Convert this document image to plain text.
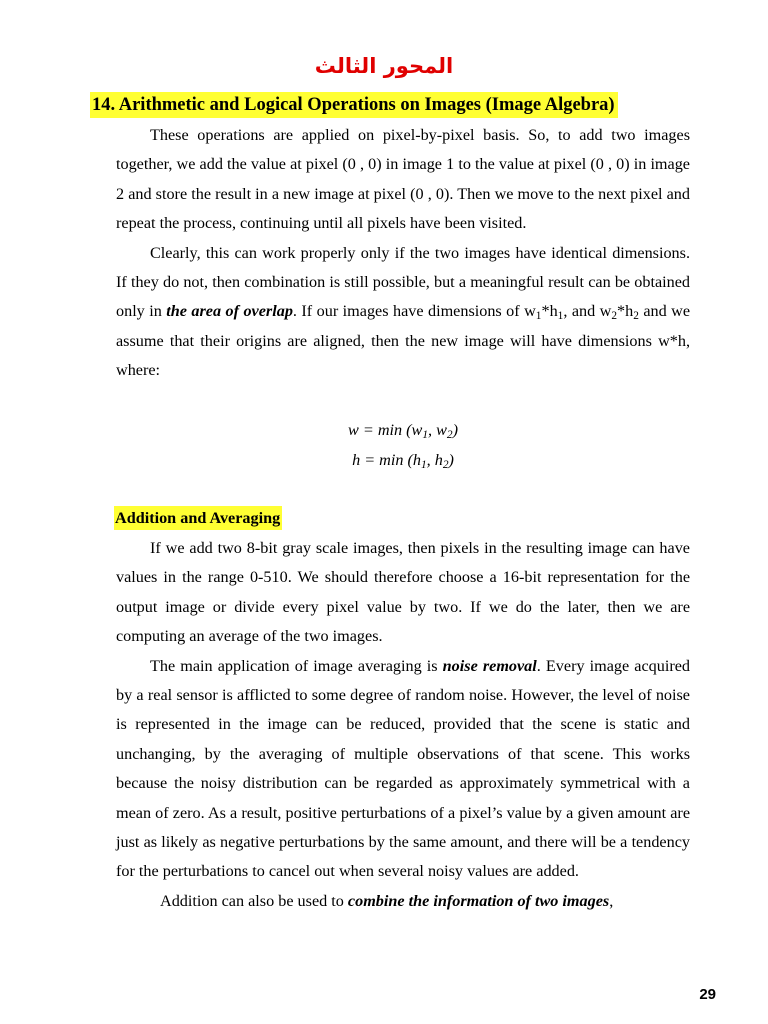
المحور الثالث
14. Arithmetic and Logical Operations on Images (Image Algebra)

These operations are applied on pixel-by-pixel basis. So, to add two images together, we add the value at pixel (0 , 0) in image 1 to the value at pixel (0 , 0) in image 2 and store the result in a new image at pixel (0 , 0). Then we move to the next pixel and repeat the process, continuing until all pixels have been visited.

Clearly, this can work properly only if the two images have identical dimensions. If they do not, then combination is still possible, but a meaningful result can be obtained only in the area of overlap. If our images have dimensions of $w_1*h_1$, and $w_2*h_2$ and we assume that their origins are aligned, then the new image will have dimensions w*h, where:

$w = \min (w_1$, $w_2$)
$h = \min (h_1$, $h_2$)
Addition and Averaging

If we add two 8-bit gray scale images, then pixels in the resulting image can have values in the range 0-510. We should therefore choose a 16-bit representation for the output image or divide every pixel value by two. If we do the later, then we are computing an average of the two images.

The main application of image averaging is noise removal. Every image acquired by a real sensor is afflicted to some degree of random noise. However, the level of noise is represented in the image can be reduced, provided that the scene is static and unchanging, by the averaging of multiple observations of that scene. This works because the noisy distribution can be regarded as approximately symmetrical with a mean of zero. As a result, positive perturbations of a pixel’s value by a given amount are just as likely as negative perturbations by the same amount, and there will be a tendency for the perturbations to cancel out when several noisy values are added.

Addition can also be used to combine the information of two images,

29
